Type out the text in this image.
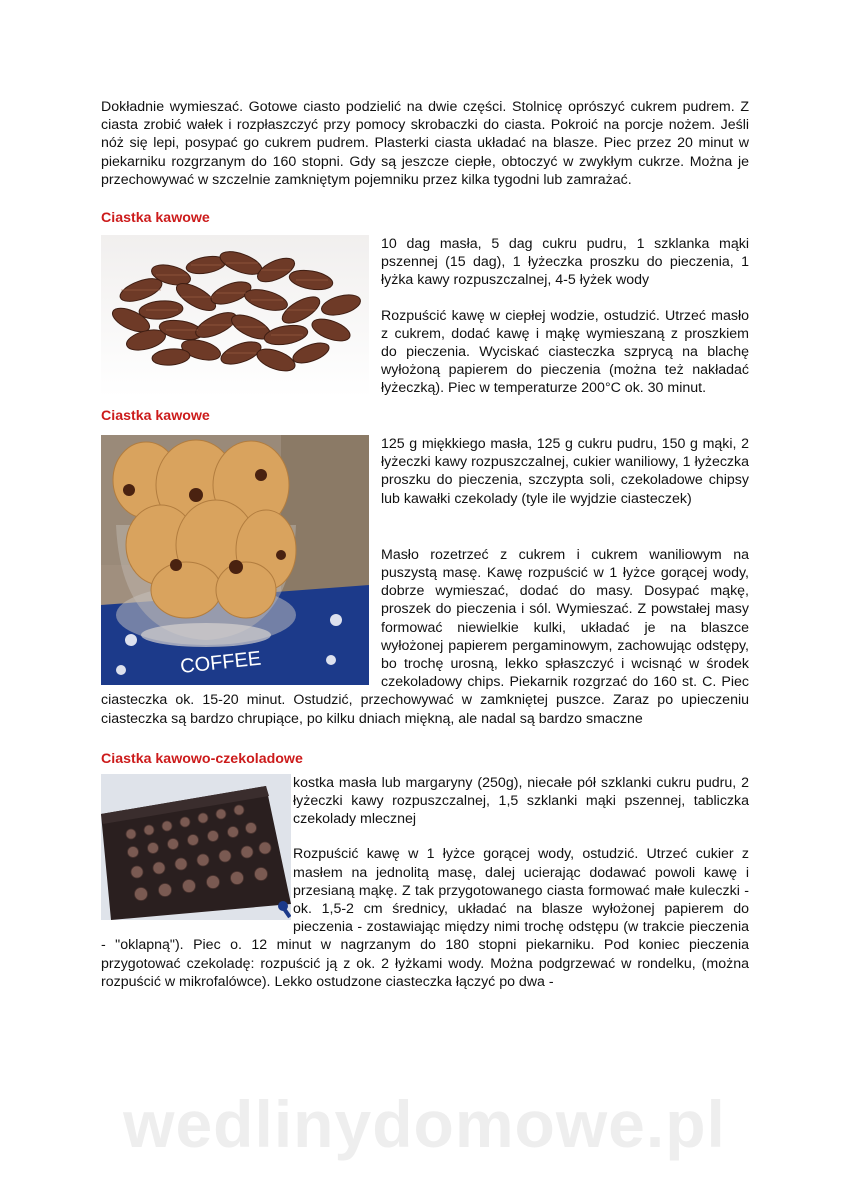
wedlinydomowe.pl

Dokładnie wymieszać. Gotowe ciasto podzielić na dwie części. Stolnicę oprószyć cukrem pudrem. Z ciasta zrobić wałek i rozpłaszczyć przy pomocy skrobaczki do ciasta. Pokroić na porcje nożem. Jeśli nóż się lepi, posypać go cukrem pudrem. Plasterki ciasta układać na blasze. Piec przez 20 minut w piekarniku rozgrzanym do 160 stopni. Gdy są jeszcze ciepłe, obtoczyć w zwykłym cukrze. Można je przechowywać w szczelnie zamkniętym pojemniku przez kilka tygodni lub zamrażać.

Ciastka kawowe

10 dag masła, 5 dag cukru pudru, 1 szklanka mąki pszennej (15 dag), 1 łyżeczka proszku do pieczenia, 1 łyżka kawy rozpuszczalnej, 4-5 łyżek wody

Rozpuścić kawę w ciepłej wodzie, ostudzić. Utrzeć masło z cukrem, dodać kawę i mąkę wymieszaną z proszkiem do pieczenia. Wyciskać ciasteczka szprycą na blachę wyłożoną papierem do pieczenia (można też nakładać łyżeczką). Piec w temperaturze 200°C ok. 30 minut.

Ciastka kawowe
COFFEE

125 g miękkiego masła, 125 g cukru pudru, 150 g mąki, 2 łyżeczki kawy rozpuszczalnej, cukier waniliowy, 1 łyżeczka proszku do pieczenia, szczypta soli, czekoladowe chipsy lub kawałki czekolady (tyle ile wyjdzie ciasteczek)

Masło rozetrzeć z cukrem i cukrem waniliowym na puszystą masę. Kawę rozpuścić w 1 łyżce gorącej wody, dobrze wymieszać, dodać do masy. Dosypać mąkę, proszek do pieczenia i sól. Wymieszać. Z powstałej masy formować niewielkie kulki, układać je na blaszce wyłożonej papierem pergaminowym, zachowując odstępy, bo trochę urosną, lekko spłaszczyć i wcisnąć w środek czekoladowy chips. Piekarnik rozgrzać do 160 st. C. Piec ciasteczka ok. 15-20 minut. Ostudzić, przechowywać w zamkniętej puszce. Zaraz po upieczeniu ciasteczka są bardzo chrupiące, po kilku dniach miękną, ale nadal są bardzo smaczne

Ciastka kawowo-czekoladowe

kostka masła lub margaryny (250g), niecałe pół szklanki cukru pudru, 2 łyżeczki kawy rozpuszczalnej, 1,5 szklanki mąki pszennej, tabliczka czekolady mlecznej

Rozpuścić kawę w 1 łyżce gorącej wody, ostudzić. Utrzeć cukier z masłem na jednolitą masę, dalej ucierając dodawać powoli kawę i przesianą mąkę. Z tak przygotowanego ciasta formować małe kuleczki - ok. 1,5-2 cm średnicy, układać na blasze wyłożonej papierem do pieczenia - zostawiając między nimi trochę odstępu (w trakcie pieczenia - "oklapną"). Piec o. 12 minut w nagrzanym do 180 stopni piekarniku. Pod koniec pieczenia przygotować czekoladę: rozpuścić ją z ok. 2 łyżkami wody. Można podgrzewać w rondelku, (można rozpuścić w mikrofalówce). Lekko ostudzone ciasteczka łączyć po dwa -
